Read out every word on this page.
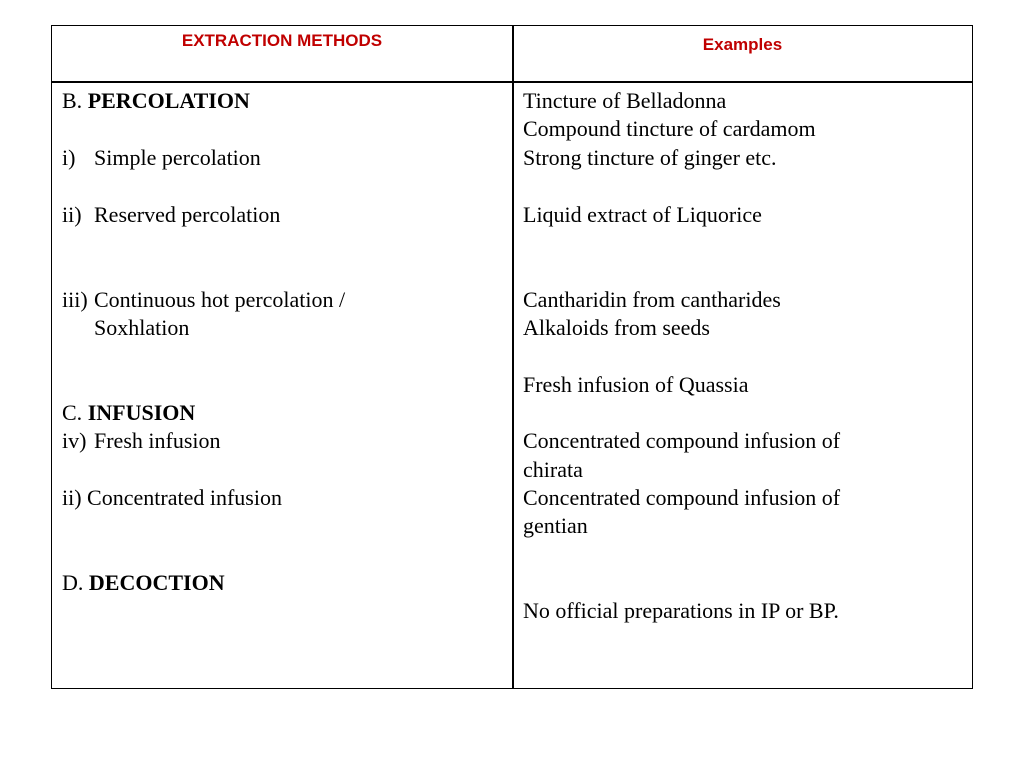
EXTRACTION METHODS	Examples
B. PERCOLATION
i) Simple percolation
ii) Reserved percolation
iii) Continuous hot percolation /
Soxhlation
C. INFUSION
iv) Fresh infusion
ii) Concentrated infusion
D. DECOCTION
Tincture of Belladonna
Compound tincture of cardamom
Strong tincture of ginger etc.
Liquid extract of Liquorice
Cantharidin from cantharides
Alkaloids from seeds
Fresh infusion of Quassia
Concentrated compound infusion of
chirata
Concentrated compound infusion of
gentian
No official preparations in IP or BP.
